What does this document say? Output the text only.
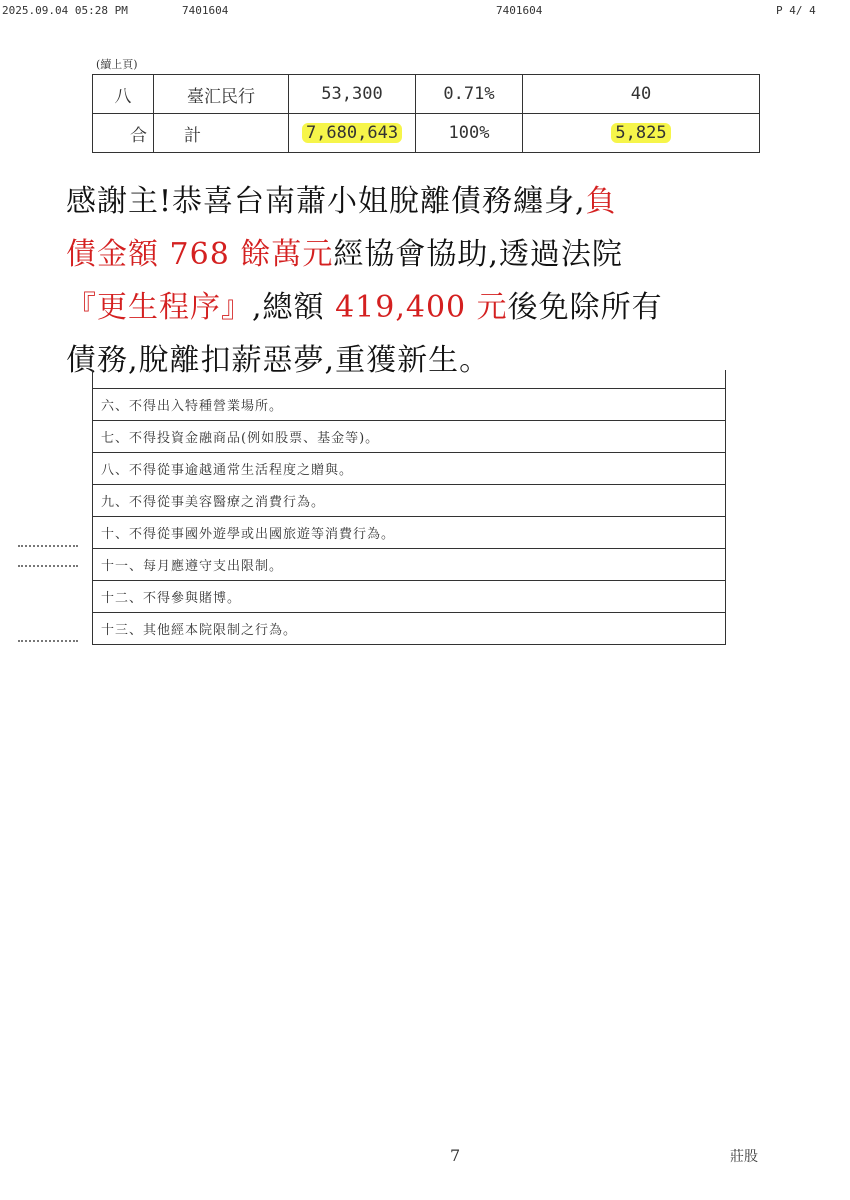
2025.09.04 05:28 PM	7401604	7401604	P 4/ 4
(續上頁)
八	臺汇民行	53,300	0.71%	40
合	計	7,680,643	100%	5,825
感謝主!恭喜台南蕭小姐脫離債務纏身,負
債金額 768 餘萬元經協會協助,透過法院
『更生程序』,總額 419,400 元後免除所有
債務,脫離扣薪惡夢,重獲新生。

六、不得出入特種營業場所。
七、不得投資金融商品(例如股票、基金等)。
八、不得從事逾越通常生活程度之贈與。
九、不得從事美容醫療之消費行為。
十、不得從事國外遊學或出國旅遊等消費行為。
十一、每月應遵守支出限制。
十二、不得參與賭博。
十三、其他經本院限制之行為。
7	莊股
